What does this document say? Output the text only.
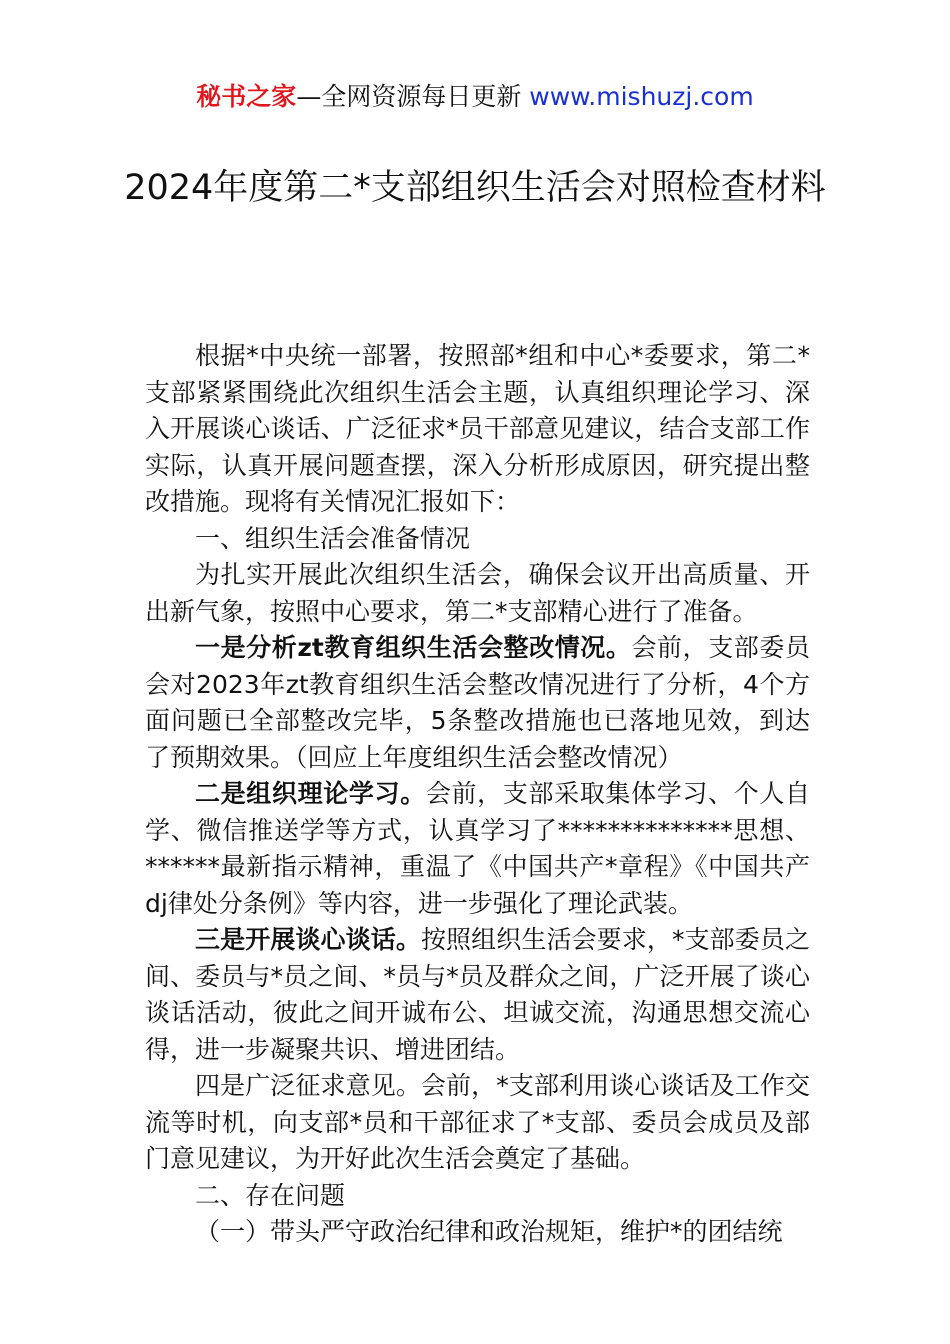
秘书之家—全网资源每日更新 www.mishuzj.com
2024年度第二*支部组织生活会对照检查材料

根据*中央统一部署，按照部*组和中心*委要求，第二*支部紧紧围绕此次组织生活会主题，认真组织理论学习、深入开展谈心谈话、广泛征求*员干部意见建议，结合支部工作实际，认真开展问题查摆，深入分析形成原因，研究提出整改措施。现将有关情况汇报如下：

一、组织生活会准备情况

为扎实开展此次组织生活会，确保会议开出高质量、开出新气象，按照中心要求，第二*支部精心进行了准备。

一是分析zt教育组织生活会整改情况。会前，支部委员会对2023年zt教育组织生活会整改情况进行了分析，4个方面问题已全部整改完毕，5条整改措施也已落地见效，到达了预期效果。（回应上年度组织生活会整改情况）

二是组织理论学习。会前，支部采取集体学习、个人自学、微信推送学等方式，认真学习了**************思想、******最新指示精神，重温了《中国共产*章程》《中国共产dj律处分条例》等内容，进一步强化了理论武装。

三是开展谈心谈话。按照组织生活会要求，*支部委员之间、委员与*员之间、*员与*员及群众之间，广泛开展了谈心谈话活动，彼此之间开诚布公、坦诚交流，沟通思想交流心得，进一步凝聚共识、增进团结。

四是广泛征求意见。会前，*支部利用谈心谈话及工作交流等时机，向支部*员和干部征求了*支部、委员会成员及部门意见建议，为开好此次生活会奠定了基础。

二、存在问题

（一）带头严守政治纪律和政治规矩，维护*的团结统
